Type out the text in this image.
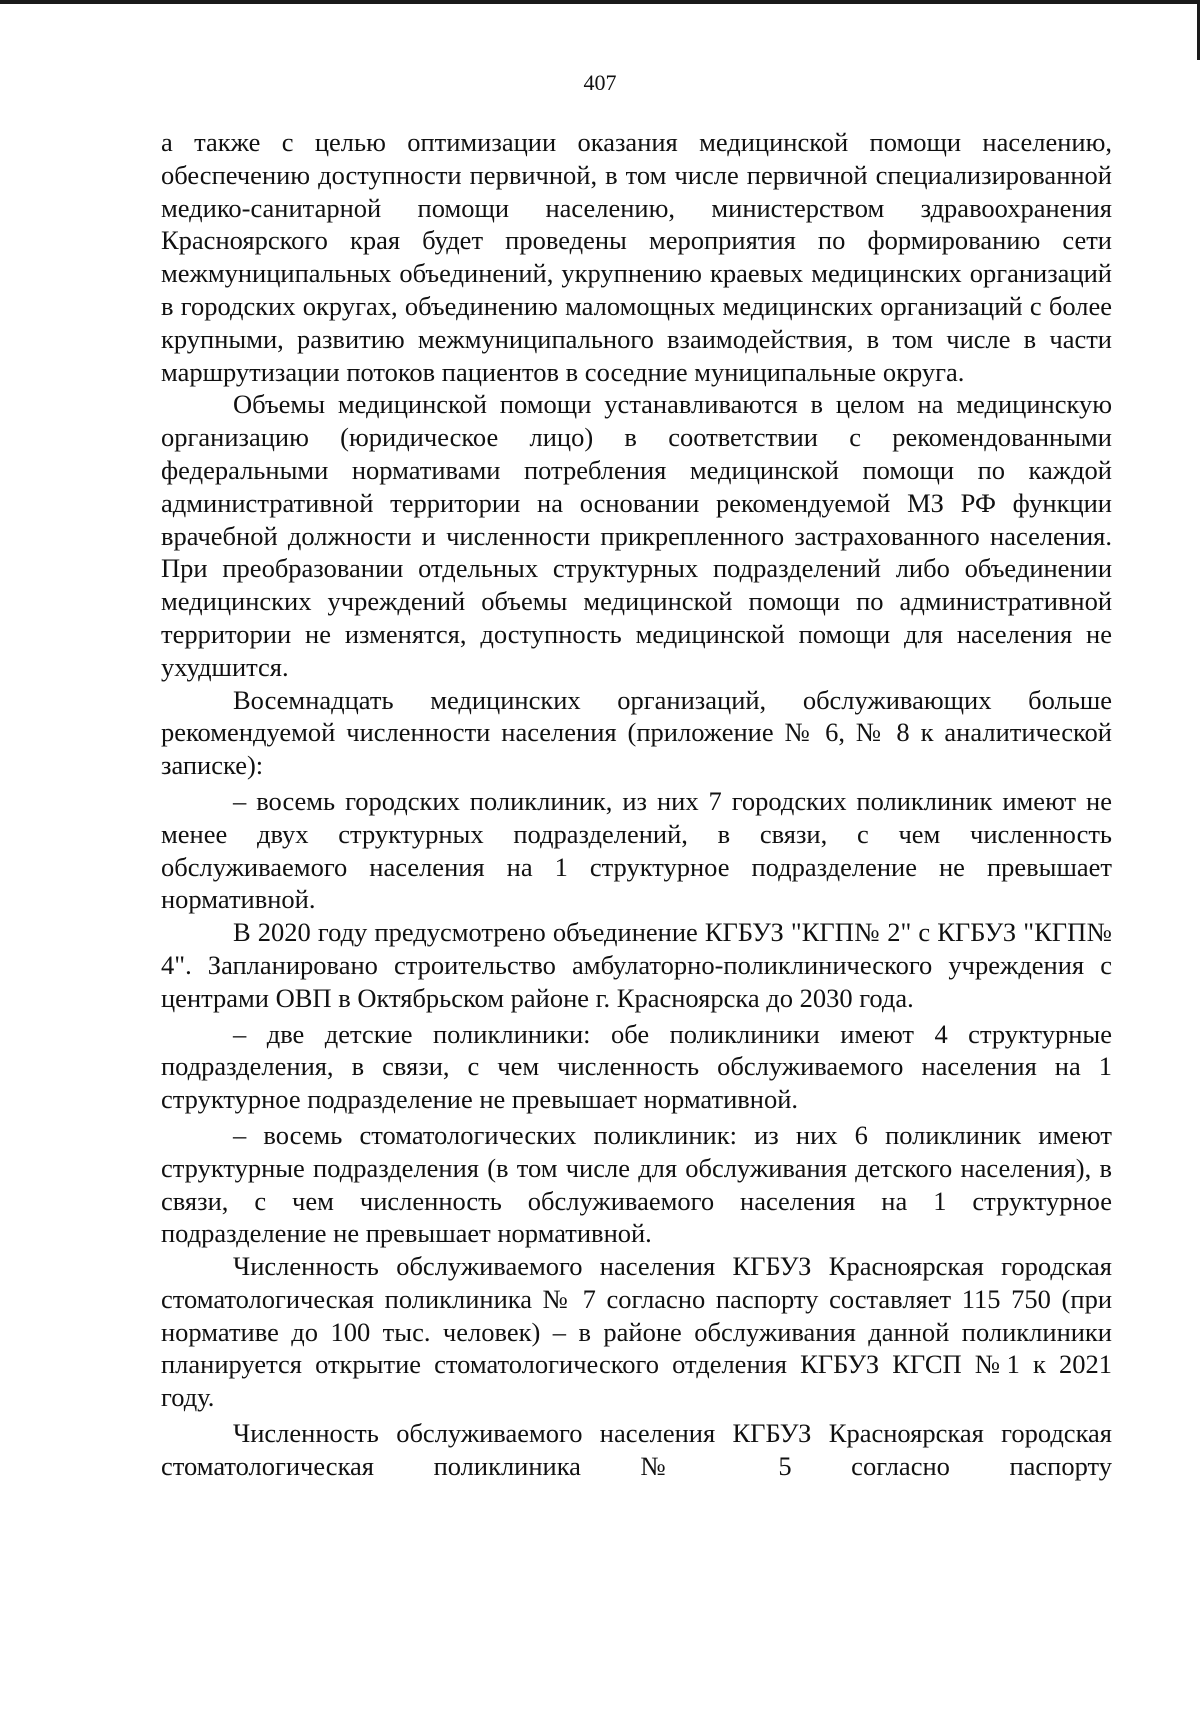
407

а также с целью оптимизации оказания медицинской помощи населению, обеспечению доступности первичной, в том числе первичной специализированной медико-санитарной помощи населению, министерством здравоохранения Красноярского края будет проведены мероприятия по формированию сети межмуниципальных объединений, укрупнению краевых медицинских организаций в городских округах, объединению маломощных медицинских организаций с более крупными, развитию межмуниципального взаимодействия, в том числе в части маршрутизации потоков пациентов в соседние муниципальные округа.

Объемы медицинской помощи устанавливаются в целом на медицинскую организацию (юридическое лицо) в соответствии с рекомендованными федеральными нормативами потребления медицинской помощи по каждой административной территории на основании рекомендуемой МЗ РФ функции врачебной должности и численности прикрепленного застрахованного населения. При преобразовании отдельных структурных подразделений либо объединении медицинских учреждений объемы медицинской помощи по административной территории не изменятся, доступность медицинской помощи для населения не ухудшится.

Восемнадцать медицинских организаций, обслуживающих больше рекомендуемой численности населения (приложение № 6, № 8 к аналитической записке):

– восемь городских поликлиник, из них 7 городских поликлиник имеют не менее двух структурных подразделений, в связи, с чем численность обслуживаемого населения на 1 структурное подразделение не превышает нормативной.

В 2020 году предусмотрено объединение КГБУЗ "КГП№ 2" с КГБУЗ "КГП№ 4". Запланировано строительство амбулаторно-поликлинического учреждения с центрами ОВП в Октябрьском районе г. Красноярска до 2030 года.

– две детские поликлиники: обе поликлиники имеют 4 структурные подразделения, в связи, с чем численность обслуживаемого населения на 1 структурное подразделение не превышает нормативной.

– восемь стоматологических поликлиник: из них 6 поликлиник имеют структурные подразделения (в том числе для обслуживания детского населения), в связи, с чем численность обслуживаемого населения на 1 структурное подразделение не превышает нормативной.

Численность обслуживаемого населения КГБУЗ Красноярская городская стоматологическая поликлиника № 7 согласно паспорту составляет 115 750 (при нормативе до 100 тыс. человек) – в районе обслуживания данной поликлиники планируется открытие стоматологического отделения КГБУЗ КГСП №1 к 2021 году.

Численность обслуживаемого населения КГБУЗ Красноярская городская стоматологическая поликлиника № 5 согласно паспорту
